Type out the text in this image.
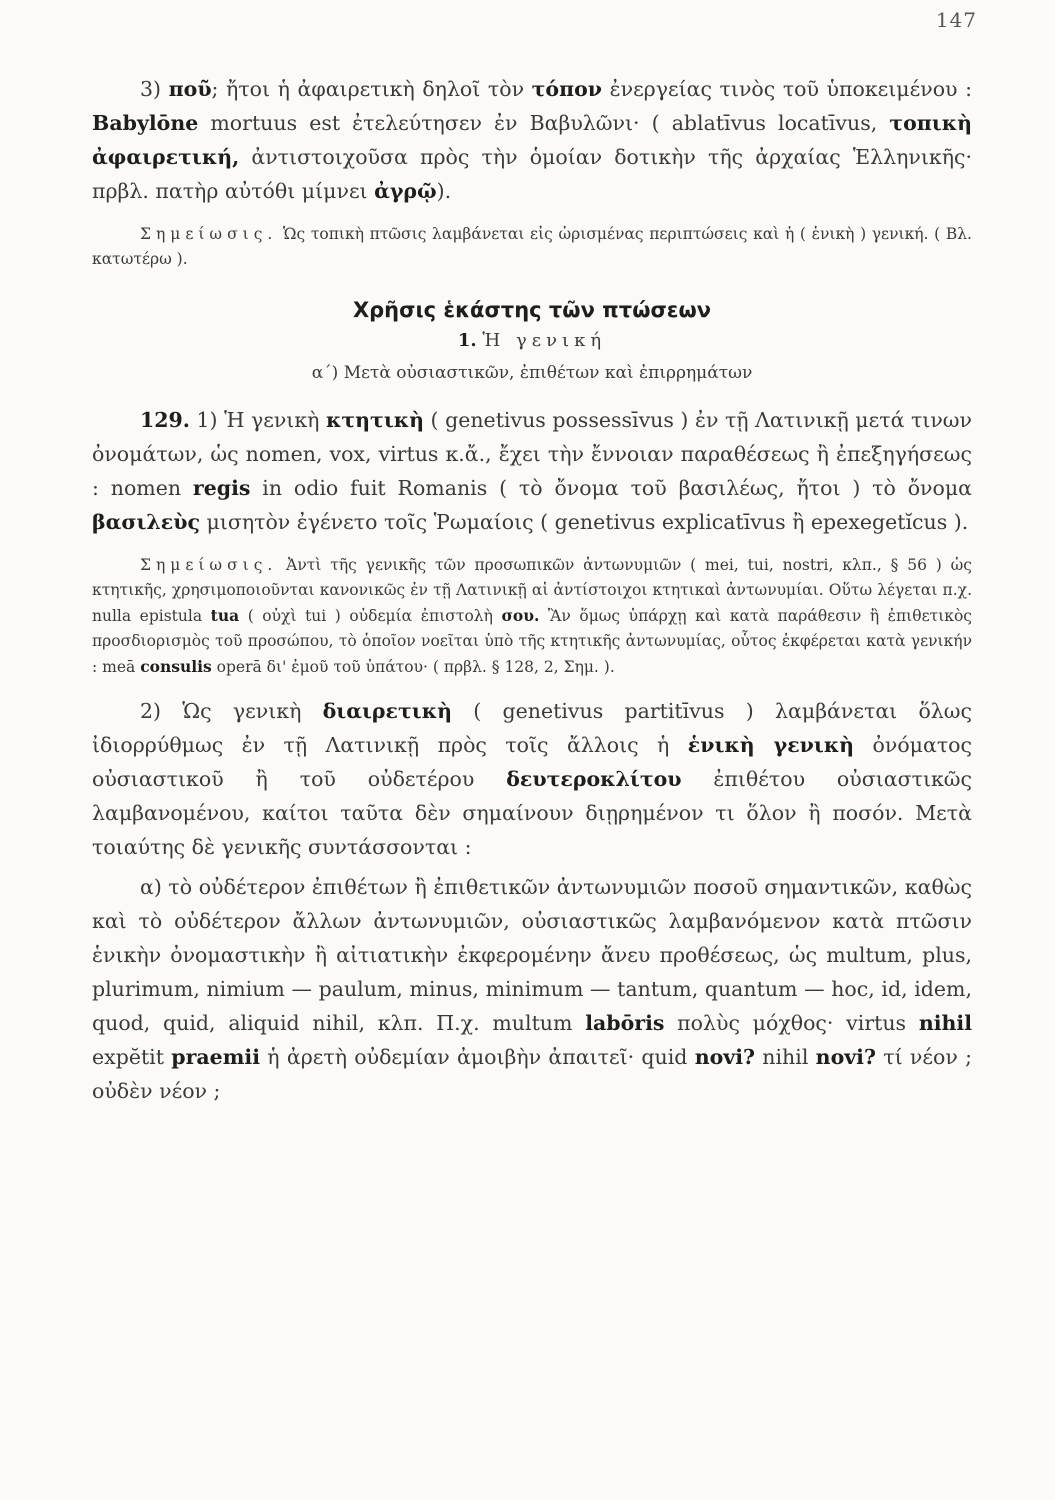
147

3) ποῦ; ἤτοι ἡ ἀφαιρετικὴ δηλοῖ τὸν τόπον ἐνεργείας τινὸς τοῦ ὑποκειμένου : Babylōne mortuus est ἐτελεύτησεν ἐν Βαβυλῶνι· ( ablatīvus locatīvus, τοπικὴ ἀφαιρετική, ἀντιστοιχοῦσα πρὸς τὴν ὁμοίαν δοτικὴν τῆς ἀρχαίας Ἑλληνικῆς· πρβλ. πατὴρ αὐτόθι μίμνει ἀγρῷ).

Σημείωσις. Ὡς τοπικὴ πτῶσις λαμβάνεται εἰς ὡρισμένας περιπτώσεις καὶ ἡ ( ἑνικὴ ) γενική. ( Βλ. κατωτέρω ).

Χρῆσις ἑκάστης τῶν πτώσεων
1. Ἡ γενική
α΄) Μετὰ οὐσιαστικῶν, ἐπιθέτων καὶ ἐπιρρημάτων

129. 1) Ἡ γενικὴ κτητικὴ ( genetivus possessīvus ) ἐν τῇ Λατινικῇ μετά τινων ὀνομάτων, ὡς nomen, vox, virtus κ.ἄ., ἔχει τὴν ἔννοιαν παραθέσεως ἢ ἐπεξηγήσεως : nomen regis in odio fuit Romanis ( τὸ ὄνομα τοῦ βασιλέως, ἤτοι ) τὸ ὄνομα βασιλεὺς μισητὸν ἐγένετο τοῖς Ῥωμαίοις ( genetivus explicatīvus ἢ epexegetĭcus ).

Σημείωσις. Ἀντὶ τῆς γενικῆς τῶν προσωπικῶν ἀντωνυμιῶν ( mei, tui, nostri, κλπ., § 56 ) ὡς κτητικῆς, χρησιμοποιοῦνται κανονικῶς ἐν τῇ Λατινικῇ αἱ ἀντίστοιχοι κτητικαὶ ἀντωνυμίαι. Οὕτω λέγεται π.χ. nulla epistula tua ( οὐχὶ tui ) οὐδεμία ἐπιστολὴ σου. Ἂν ὅμως ὑπάρχῃ καὶ κατὰ παράθεσιν ἢ ἐπιθετικὸς προσδιορισμὸς τοῦ προσώπου, τὸ ὁποῖον νοεῖται ὑπὸ τῆς κτητικῆς ἀντωνυμίας, οὗτος ἐκφέρεται κατὰ γενικήν : meā consulis operā δι' ἐμοῦ τοῦ ὑπάτου· ( πρβλ. § 128, 2, Σημ. ).

2) Ὡς γενικὴ διαιρετικὴ ( genetivus partitīvus ) λαμβάνεται ὅλως ἰδιορρύθμως ἐν τῇ Λατινικῇ πρὸς τοῖς ἄλλοις ἡ ἑνικὴ γενικὴ ὀνόματος οὐσιαστικοῦ ἢ τοῦ οὐδετέρου δευτεροκλίτου ἐπιθέτου οὐσιαστικῶς λαμβανομένου, καίτοι ταῦτα δὲν σημαίνουν διῃρημένον τι ὅλον ἢ ποσόν. Μετὰ τοιαύτης δὲ γενικῆς συντάσσονται :

α) τὸ οὐδέτερον ἐπιθέτων ἢ ἐπιθετικῶν ἀντωνυμιῶν ποσοῦ σημαντικῶν, καθὼς καὶ τὸ οὐδέτερον ἄλλων ἀντωνυμιῶν, οὐσιαστικῶς λαμβανόμενον κατὰ πτῶσιν ἑνικὴν ὀνομαστικὴν ἢ αἰτιατικὴν ἐκφερομένην ἄνευ προθέσεως, ὡς multum, plus, plurimum, nimium — paulum, minus, minimum — tantum, quantum — hoc, id, idem, quod, quid, aliquid nihil, κλπ. Π.χ. multum labōris πολὺς μόχθος· virtus nihil expĕtit praemii ἡ ἀρετὴ οὐδεμίαν ἀμοιβὴν ἀπαιτεῖ· quid novi? nihil novi? τί νέον ; οὐδὲν νέον ;
